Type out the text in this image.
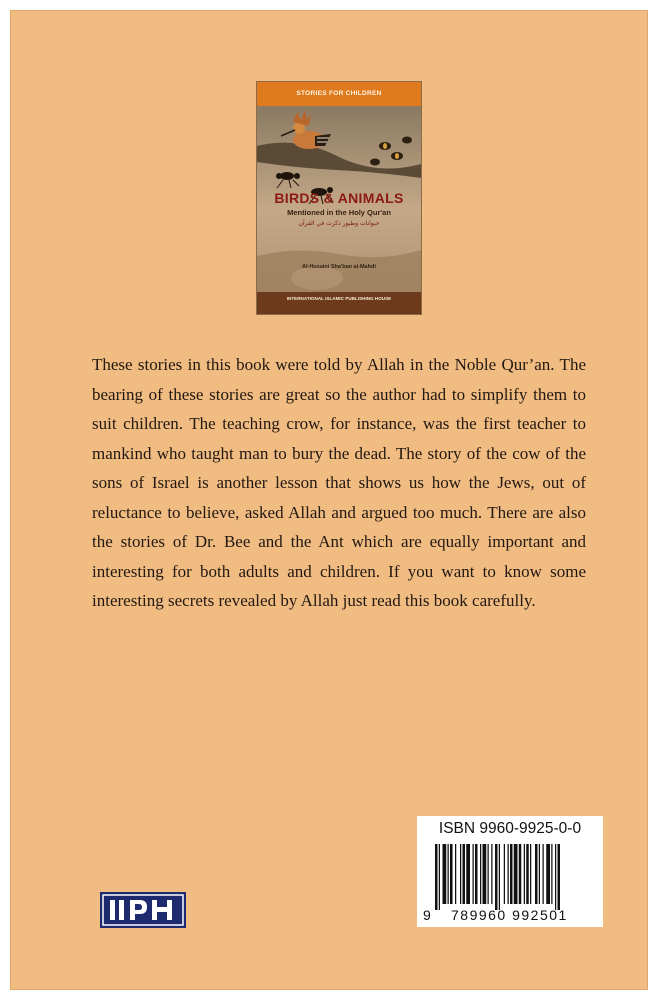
STORIES FOR CHILDREN
BIRDS & ANIMALS
Mentioned in the Holy Qur'an
حيوانات وطيور ذكرت في القرآن
Al-Husaini Sha'ban al-Mahdi
INTERNATIONAL ISLAMIC PUBLISHING HOUSE

These stories in this book were told by Allah in the Noble Qur’an. The bearing of these stories are great so the author had to simplify them to suit children. The teaching crow, for instance, was the first teacher to mankind who taught man to bury the dead. The story of the cow of the sons of Israel is another lesson that shows us how the Jews, out of reluctance to believe, asked Allah and argued too much. There are also the stories of Dr. Bee and the Ant which are equally important and interesting for both adults and children. If you want to know some interesting secrets revealed by Allah just read this book carefully.

ISBN 9960-9925-0-0
9 789960 992501
